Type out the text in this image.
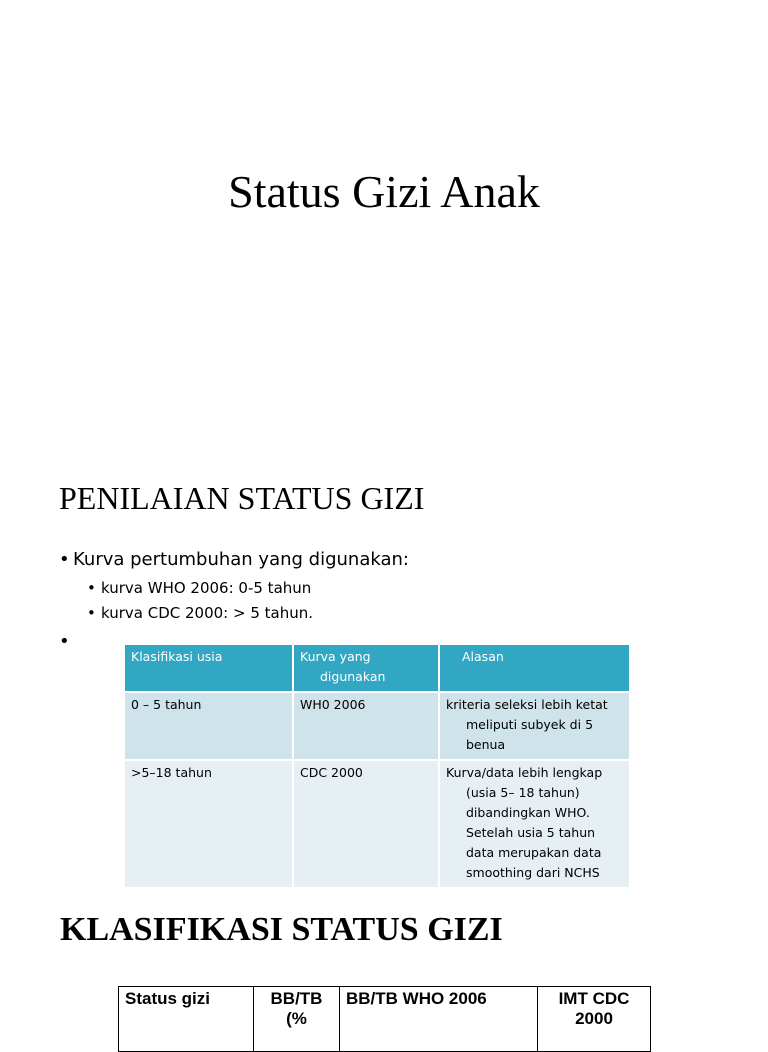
Status Gizi Anak
PENILAIAN STATUS GIZI
• Kurva pertumbuhan yang digunakan:
• kurva WHO 2006: 0-5 tahun
• kurva CDC 2000: > 5 tahun.
•
Klasifikasi usia	Kurva yang digunakan	Alasan
0 – 5 tahun	WH0 2006	kriteria seleksi lebih ketat meliputi subyek di 5 benua

>5–18 tahun	CDC 2000	Kurva/data lebih lengkap (usia 5– 18 tahun) dibandingkan WHO. Setelah usia 5 tahun data merupakan data smoothing dari NCHS
KLASIFIKASI STATUS GIZI
Status gizi	BB/TB (%	BB/TB WHO 2006	IMT CDC 2000
